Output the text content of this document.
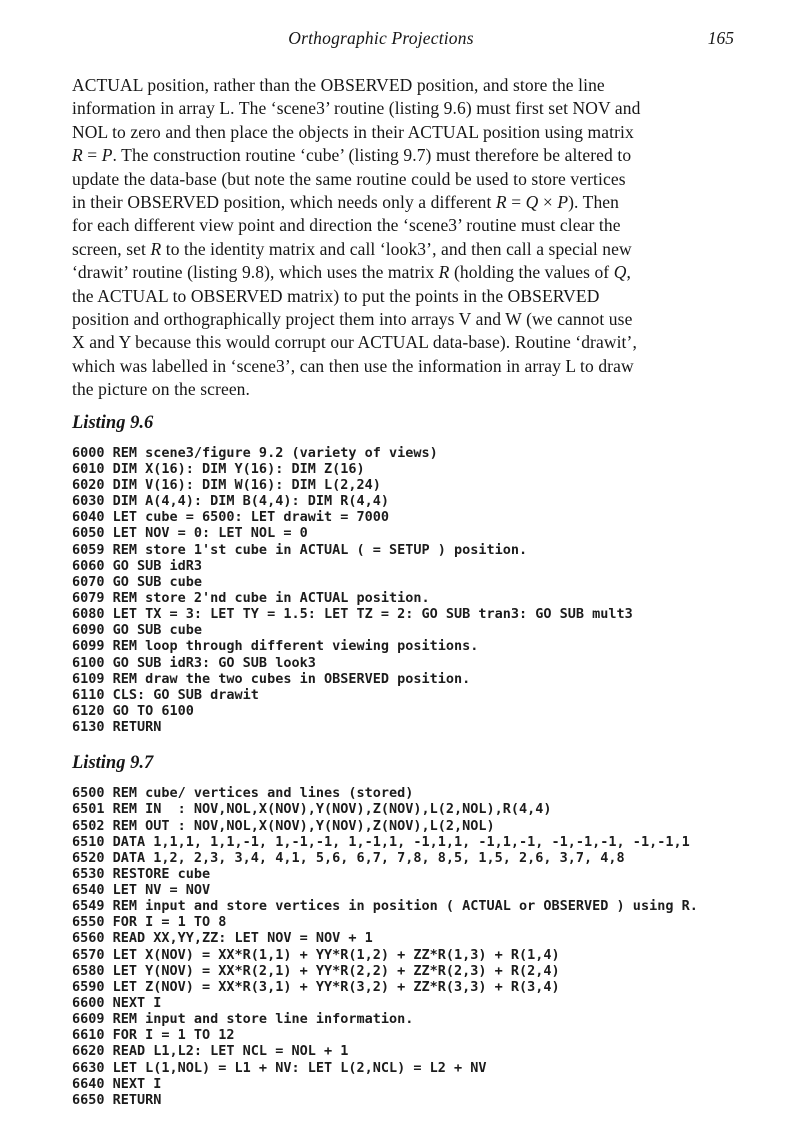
Orthographic Projections	165
ACTUAL position, rather than the OBSERVED position, and store the line
information in array L. The ‘scene3’ routine (listing 9.6) must first set NOV and
NOL to zero and then place the objects in their ACTUAL position using matrix
R = P. The construction routine ‘cube’ (listing 9.7) must therefore be altered to
update the data-base (but note the same routine could be used to store vertices
in their OBSERVED position, which needs only a different R = Q × P). Then
for each different view point and direction the ‘scene3’ routine must clear the
screen, set R to the identity matrix and call ‘look3’, and then call a special new
‘drawit’ routine (listing 9.8), which uses the matrix R (holding the values of Q,
the ACTUAL to OBSERVED matrix) to put the points in the OBSERVED
position and orthographically project them into arrays V and W (we cannot use
X and Y because this would corrupt our ACTUAL data-base). Routine ‘drawit’,
which was labelled in ‘scene3’, can then use the information in array L to draw
the picture on the screen.
Listing 9.6
6000 REM scene3/figure 9.2 (variety of views)
6010 DIM X(16): DIM Y(16): DIM Z(16)
6020 DIM V(16): DIM W(16): DIM L(2,24)
6030 DIM A(4,4): DIM B(4,4): DIM R(4,4)
6040 LET cube = 6500: LET drawit = 7000
6050 LET NOV = 0: LET NOL = 0
6059 REM store 1'st cube in ACTUAL ( = SETUP ) position.
6060 GO SUB idR3
6070 GO SUB cube
6079 REM store 2'nd cube in ACTUAL position.
6080 LET TX = 3: LET TY = 1.5: LET TZ = 2: GO SUB tran3: GO SUB mult3
6090 GO SUB cube
6099 REM loop through different viewing positions.
6100 GO SUB idR3: GO SUB look3
6109 REM draw the two cubes in OBSERVED position.
6110 CLS: GO SUB drawit
6120 GO TO 6100
6130 RETURN
Listing 9.7
6500 REM cube/ vertices and lines (stored)
6501 REM IN  : NOV,NOL,X(NOV),Y(NOV),Z(NOV),L(2,NOL),R(4,4)
6502 REM OUT : NOV,NOL,X(NOV),Y(NOV),Z(NOV),L(2,NOL)
6510 DATA 1,1,1, 1,1,-1, 1,-1,-1, 1,-1,1, -1,1,1, -1,1,-1, -1,-1,-1, -1,-1,1
6520 DATA 1,2, 2,3, 3,4, 4,1, 5,6, 6,7, 7,8, 8,5, 1,5, 2,6, 3,7, 4,8
6530 RESTORE cube
6540 LET NV = NOV
6549 REM input and store vertices in position ( ACTUAL or OBSERVED ) using R.
6550 FOR I = 1 TO 8
6560 READ XX,YY,ZZ: LET NOV = NOV + 1
6570 LET X(NOV) = XX*R(1,1) + YY*R(1,2) + ZZ*R(1,3) + R(1,4)
6580 LET Y(NOV) = XX*R(2,1) + YY*R(2,2) + ZZ*R(2,3) + R(2,4)
6590 LET Z(NOV) = XX*R(3,1) + YY*R(3,2) + ZZ*R(3,3) + R(3,4)
6600 NEXT I
6609 REM input and store line information.
6610 FOR I = 1 TO 12
6620 READ L1,L2: LET NCL = NOL + 1
6630 LET L(1,NOL) = L1 + NV: LET L(2,NCL) = L2 + NV
6640 NEXT I
6650 RETURN
